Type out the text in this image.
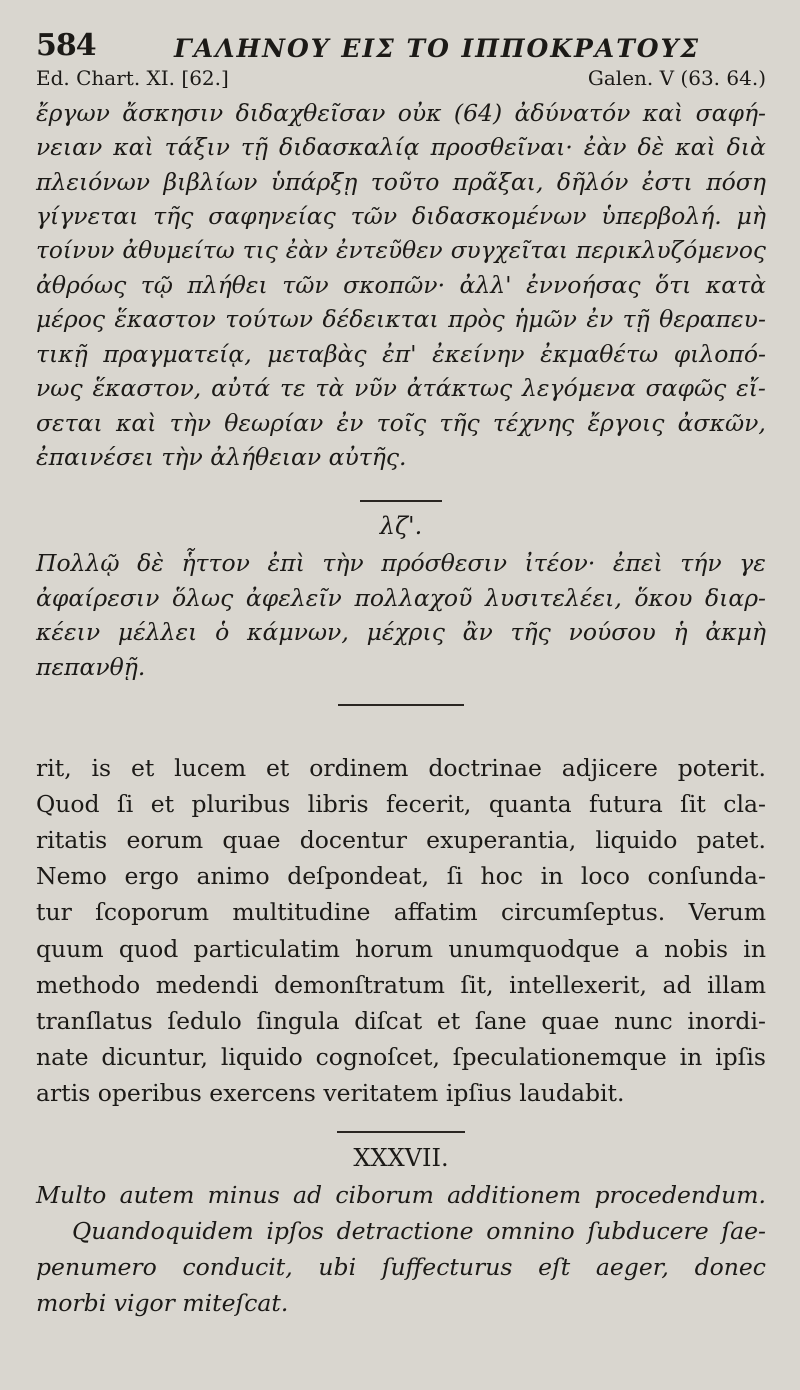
584	ΓΑΛΗΝΟΥ ΕΙΣ ΤΟ ΙΠΠΟΚΡΑΤΟΥΣ
Ed. Chart. XI. [62.]	Galen. V (63. 64.)
ἔργων ἄσκησιν διδαχθεῖσαν οὐκ (64) ἀδύνατόν καὶ σαφή-
νειαν καὶ τάξιν τῇ διδασκαλίᾳ προσθεῖναι· ἐὰν δὲ καὶ διὰ
πλειόνων βιβλίων ὑπάρξῃ τοῦτο πρᾶξαι, δῆλόν ἐστι πόση
γίγνεται τῆς σαφηνείας τῶν διδασκομένων ὑπερβολή. μὴ
τοίνυν ἀθυμείτω τις ἐὰν ἐντεῦθεν συγχεῖται περικλυζόμενος
ἀθρόως τῷ πλήθει τῶν σκοπῶν· ἀλλ' ἐννοήσας ὅτι κατὰ
μέρος ἕκαστον τούτων δέδεικται πρὸς ἡμῶν ἐν τῇ θεραπευ-
τικῇ πραγματείᾳ, μεταβὰς ἐπ' ἐκείνην ἐκμαθέτω φιλοπό-
νως ἕκαστον, αὐτά τε τὰ νῦν ἀτάκτως λεγόμενα σαφῶς εἴ-
σεται καὶ τὴν θεωρίαν ἐν τοῖς τῆς τέχνης ἔργοις ἀσκῶν,
ἐπαινέσει τὴν ἀλήθειαν αὐτῆς.
λζ'.
Πολλῷ δὲ ἧττον ἐπὶ τὴν πρόσθεσιν ἰτέον· ἐπεὶ τήν γε
ἀφαίρεσιν ὅλως ἀφελεῖν πολλαχοῦ λυσιτελέει, ὅκου διαρ-
κέειν μέλλει ὁ κάμνων, μέχρις ἂν τῆς νούσου ἡ ἀκμὴ
πεπανθῇ.
rit, is et lucem et ordinem doctrinae adjicere poterit.
Quod ſi et pluribus libris fecerit, quanta futura ſit cla-
ritatis eorum quae docentur exuperantia, liquido patet.
Nemo ergo animo deſpondeat, ſi hoc in loco conſunda-
tur ſcoporum multitudine affatim circumſeptus. Verum
quum quod particulatim horum unumquodque a nobis in
methodo medendi demonſtratum ſit, intellexerit, ad illam
tranſlatus ſedulo ſingula diſcat et ſane quae nunc inordi-
nate dicuntur, liquido cognoſcet, ſpeculationemque in ipſis
artis operibus exercens veritatem ipſius laudabit.
XXXVII.
Multo autem minus ad ciborum additionem procedendum.
Quandoquidem ipſos detractione omnino ſubducere ſae-
penumero conducit, ubi ſuffecturus eſt aeger, donec
morbi vigor miteſcat.
